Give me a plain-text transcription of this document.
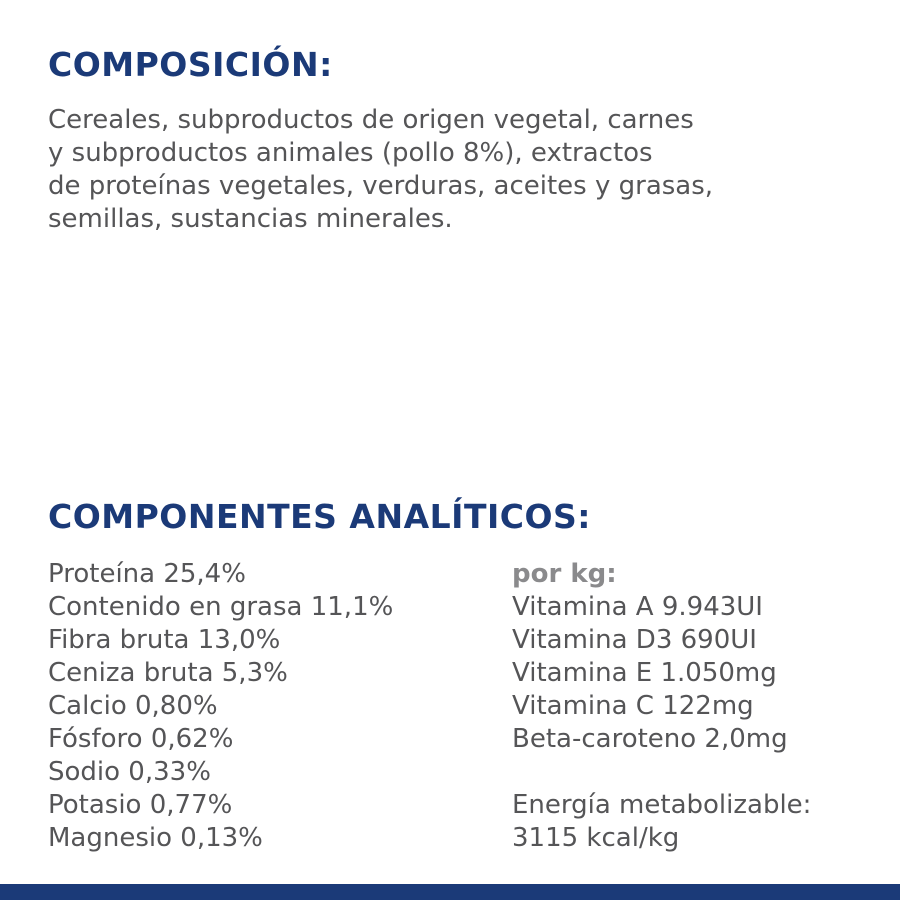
COMPOSICIÓN:

Cereales, subproductos de origen vegetal, carnes
y subproductos animales (pollo 8%), extractos
de proteínas vegetales, verduras, aceites y grasas,
semillas, sustancias minerales.

COMPONENTES ANALÍTICOS:
Proteína 25,4%
Contenido en grasa 11,1%
Fibra bruta 13,0%
Ceniza bruta 5,3%
Calcio 0,80%
Fósforo 0,62%
Sodio 0,33%
Potasio 0,77%
Magnesio 0,13%
por kg:
Vitamina A 9.943UI
Vitamina D3 690UI
Vitamina E 1.050mg
Vitamina C 122mg
Beta-caroteno 2,0mg
Energía metabolizable:
3115 kcal/kg
